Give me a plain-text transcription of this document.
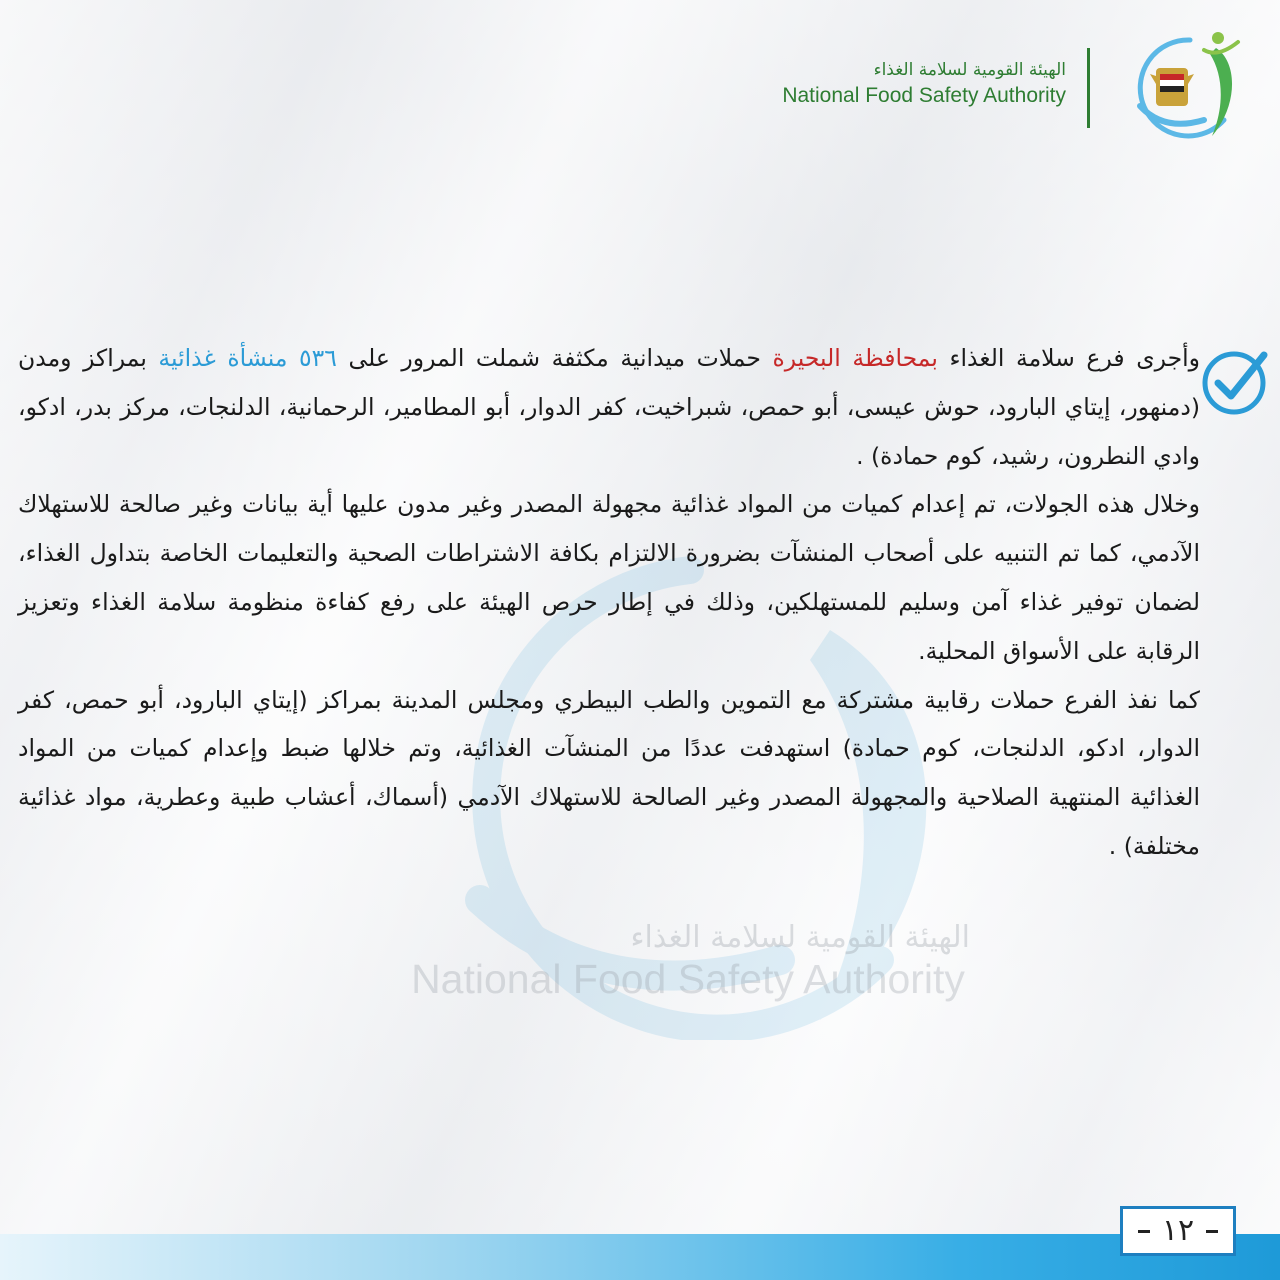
الهيئة القومية لسلامة الغذاء
National Food Safety Authority
الهيئة القومية لسلامة الغذاء
National Food Safety Authority

وأجرى فرع سلامة الغذاء بمحافظة البحيرة حملات ميدانية مكثفة شملت المرور على ٥٣٦ منشأة غذائية بمراكز ومدن (دمنهور، إيتاي البارود، حوش عيسى، أبو حمص، شبراخيت، كفر الدوار، أبو المطامير، الرحمانية، الدلنجات، مركز بدر، ادكو، وادي النطرون، رشيد، كوم حمادة) .

وخلال هذه الجولات، تم إعدام كميات من المواد غذائية مجهولة المصدر وغير مدون عليها أية بيانات وغير صالحة للاستهلاك الآدمي، كما تم التنبيه على أصحاب المنشآت بضرورة الالتزام بكافة الاشتراطات الصحية والتعليمات الخاصة بتداول الغذاء، لضمان توفير غذاء آمن وسليم للمستهلكين، وذلك في إطار حرص الهيئة على رفع كفاءة منظومة سلامة الغذاء وتعزيز الرقابة على الأسواق المحلية.

كما نفذ الفرع حملات رقابية مشتركة مع التموين والطب البيطري ومجلس المدينة بمراكز (إيتاي البارود، أبو حمص، كفر الدوار، ادكو، الدلنجات، كوم حمادة) استهدفت عددًا من المنشآت الغذائية، وتم خلالها ضبط وإعدام كميات من المواد الغذائية المنتهية الصلاحية والمجهولة المصدر وغير الصالحة للاستهلاك الآدمي (أسماك، أعشاب طبية وعطرية، مواد غذائية مختلفة) .

١٢
